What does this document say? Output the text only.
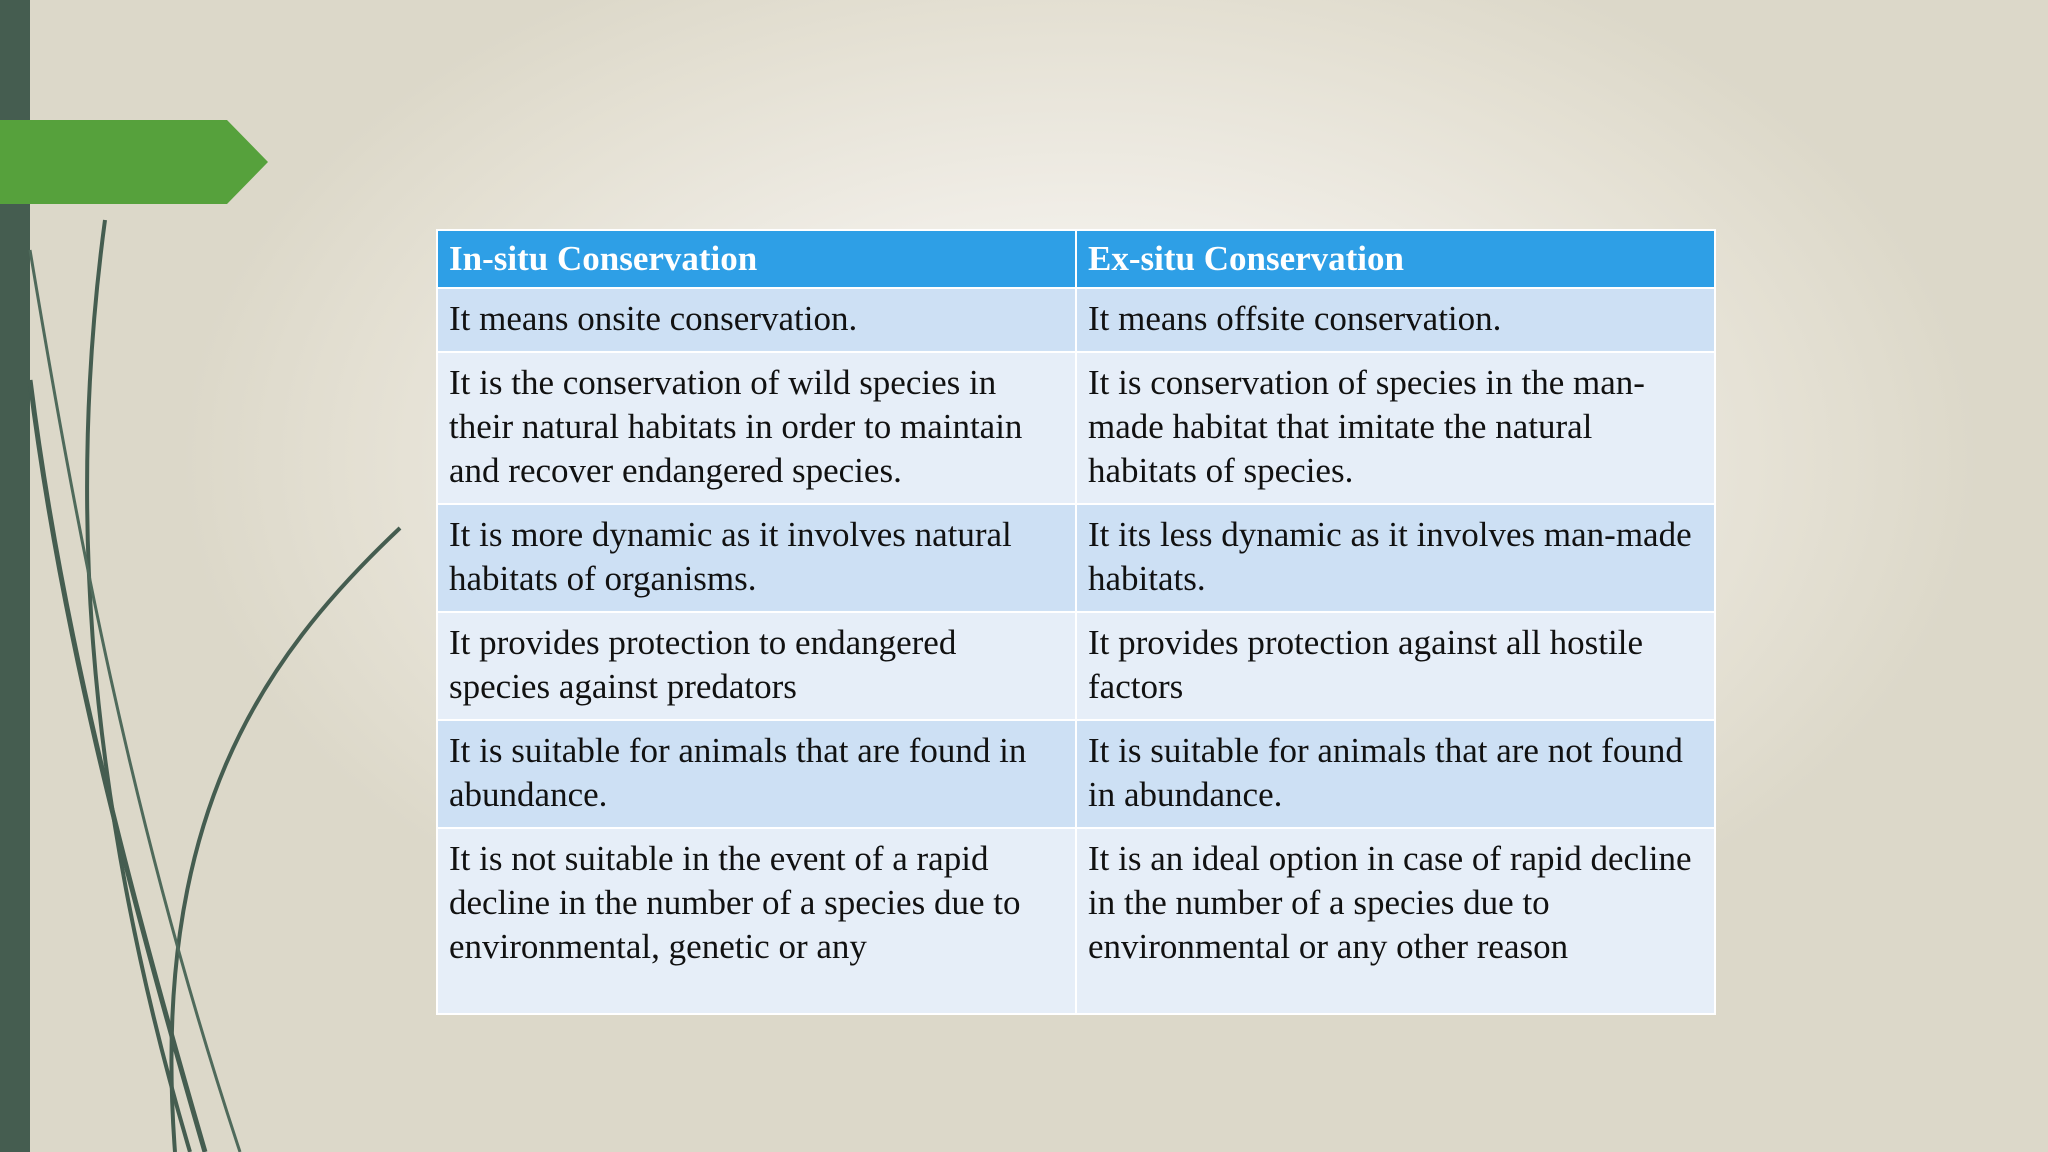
In-situ Conservation	Ex-situ Conservation
It means onsite conservation.	It means offsite conservation.
It is the conservation of wild species in their natural habitats in order to maintain and recover endangered species.	It is conservation of species in the man-made habitat that imitate the natural habitats of species.
It is more dynamic as it involves natural habitats of organisms.	It its less dynamic as it involves man-made habitats.
It provides protection to endangered species against predators	It provides protection against all hostile factors
It is suitable for animals that are found in abundance.	It is suitable for animals that are not found in abundance.
It is not suitable in the event of a rapid decline in the number of a species due to environmental, genetic or any	It is an ideal option in case of rapid decline in the number of a species due to environmental or any other reason
